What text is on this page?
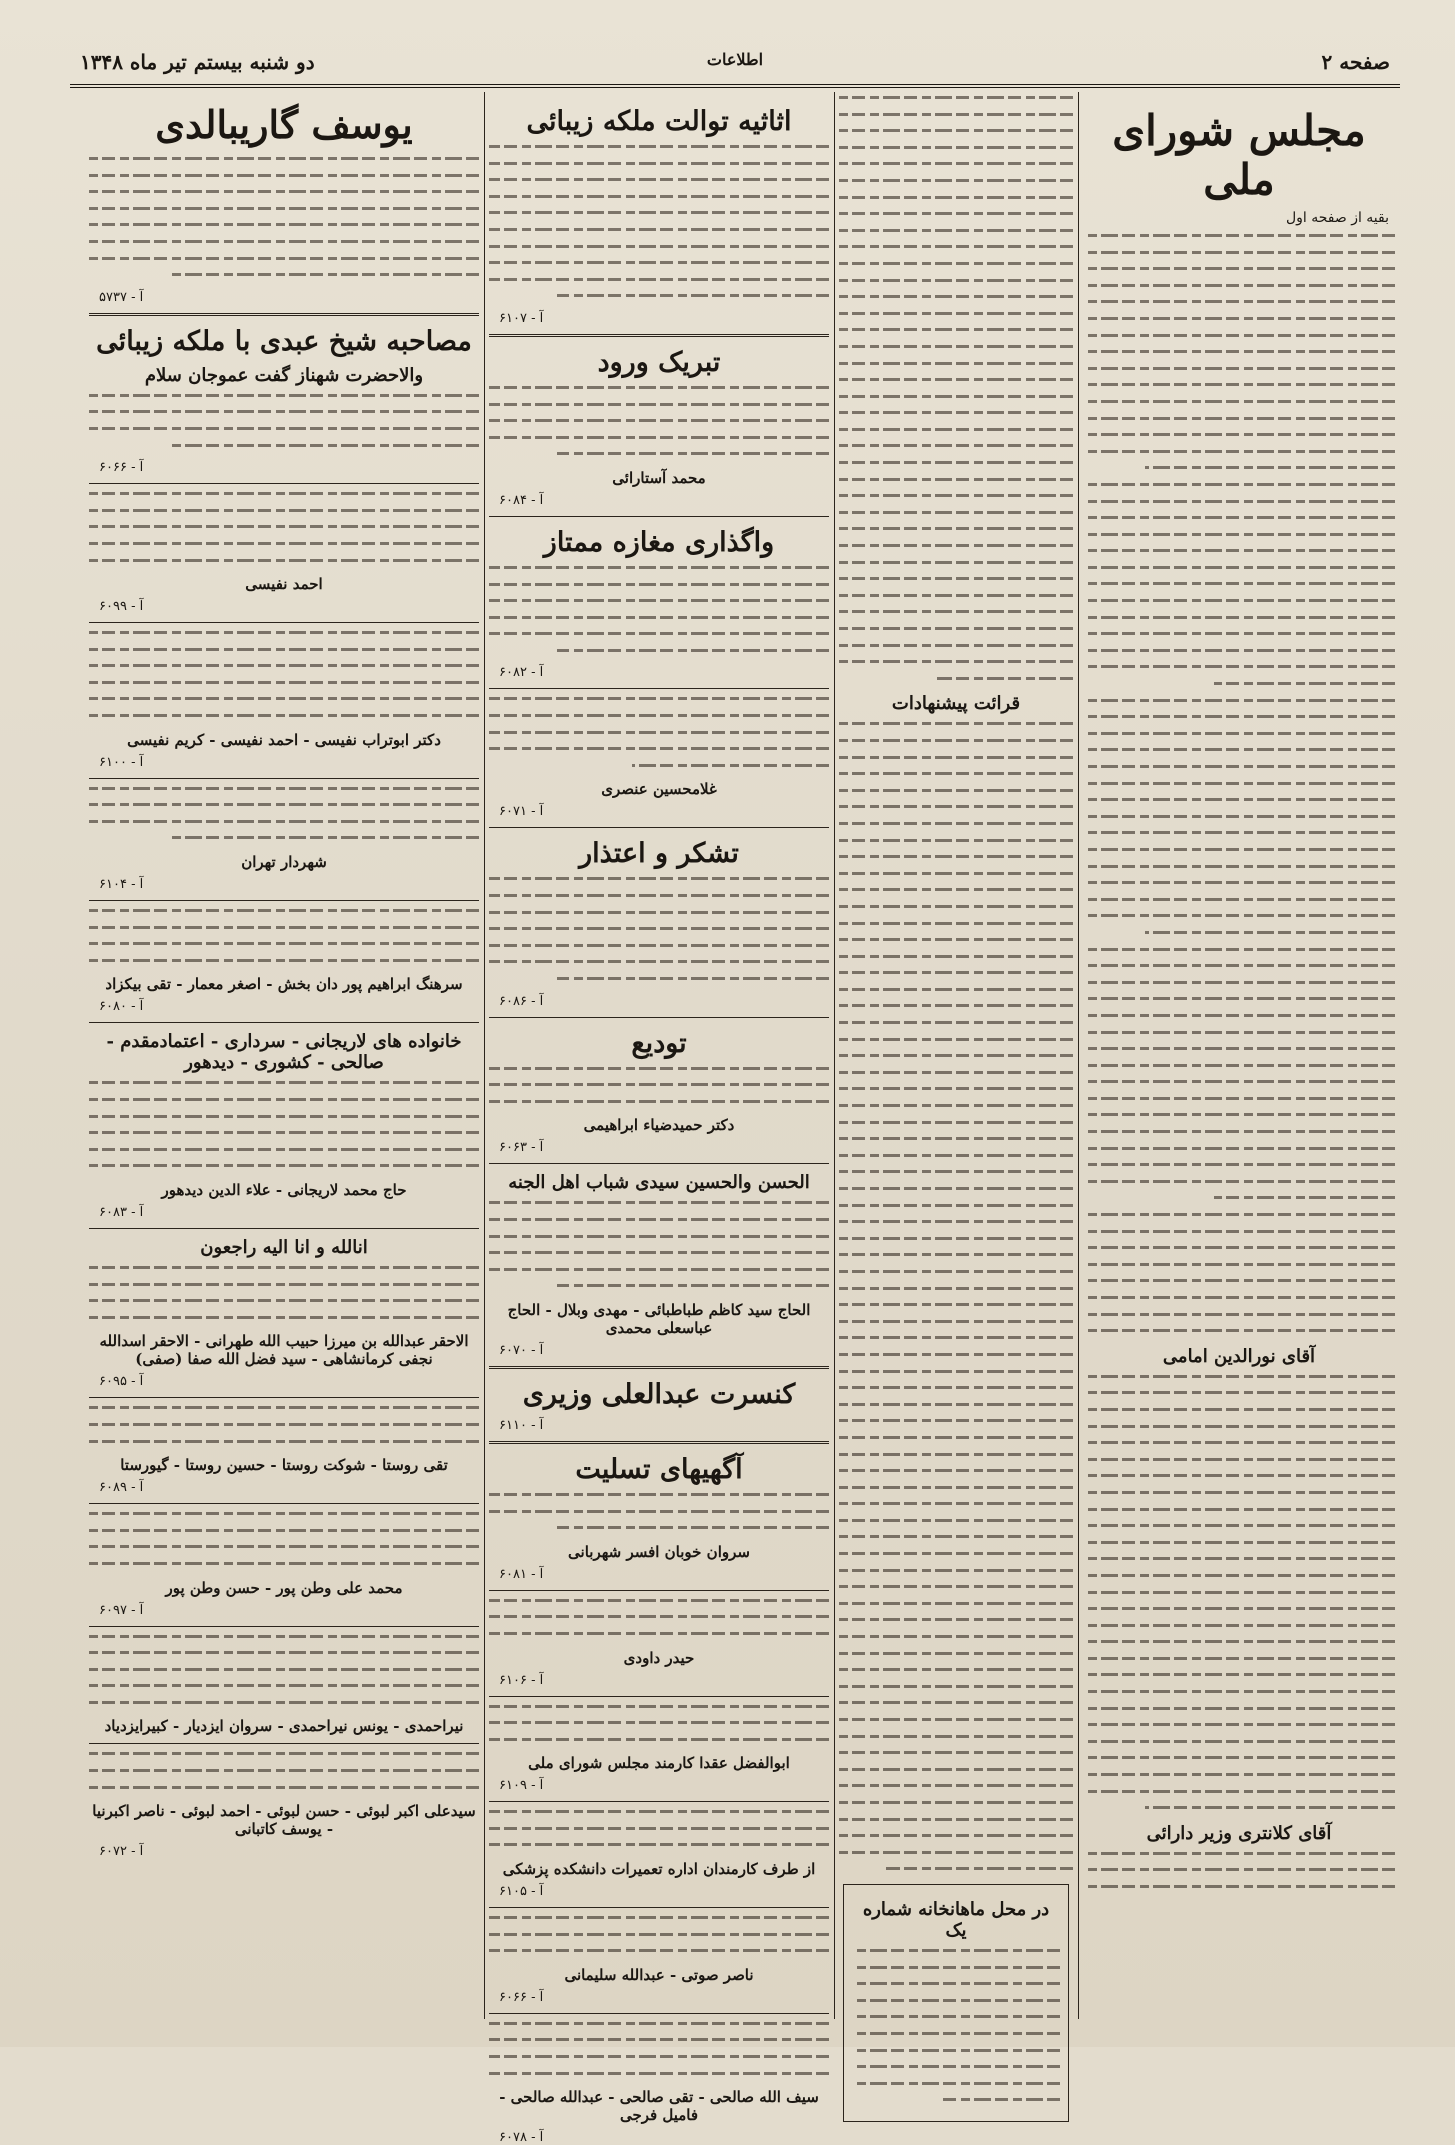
صفحه ۲
اطلاعات
دو شنبه بیستم تیر ماه ۱۳۴۸
مجلس شورای ملی
بقیه از صفحه اول
آقای نورالدین امامی
آقای کلانتری وزیر دارائی
قرائت پیشنهادات
در محل ماهانخانه شماره یک
اثاثیه توالت ملکه زیبائی
آ - ۶۱۰۷
تبریک ورود
محمد آستارائی
آ - ۶۰۸۴
واگذاری مغازه ممتاز
آ - ۶۰۸۲
غلامحسین عنصری
آ - ۶۰۷۱
تشکر و اعتذار
آ - ۶۰۸۶
تودیع
دکتر حمیدضیاء ابراهیمی
آ - ۶۰۶۳
الحسن والحسین سیدی شباب اهل الجنه
الحاج سید کاظم طباطبائی - مهدی وبلال - الحاج عباسعلی محمدی
آ - ۶۰۷۰
کنسرت عبدالعلی وزیری
آ - ۶۱۱۰
آگهیهای تسلیت
سروان خوبان افسر شهربانی
آ - ۶۰۸۱
حیدر داودی
آ - ۶۱۰۶
ابوالفضل عقدا کارمند مجلس شورای ملی
آ - ۶۱۰۹
از طرف کارمندان اداره تعمیرات دانشکده پزشکی
آ - ۶۱۰۵
ناصر صوتی - عبدالله سلیمانی
آ - ۶۰۶۶
سیف الله صالحی - تقی صالحی - عبدالله صالحی - فامیل فرجی
آ - ۶۰۷۸
یوسف گاریبالدی
آ - ۵۷۳۷
مصاحبه شیخ عبدی با ملکه زیبائی
والاحضرت شهناز گفت عموجان سلام
آ - ۶۰۶۶
احمد نفیسی
آ - ۶۰۹۹
دکتر ابوتراب نفیسی - احمد نفیسی - کریم نفیسی
آ - ۶۱۰۰
شهردار تهران
آ - ۶۱۰۴
سرهنگ ابراهیم پور دان بخش - اصغر معمار - تقی بیکزاد
آ - ۶۰۸۰
خانواده های لاریجانی - سرداری - اعتمادمقدم - صالحی - کشوری - دیدهور
حاج محمد لاریجانی - علاء الدین دیدهور
آ - ۶۰۸۳
انالله و انا الیه راجعون
الاحقر عبدالله بن میرزا حبیب الله طهرانی - الاحقر اسدالله نجفی کرمانشاهی - سید فضل الله صفا (صفی)
آ - ۶۰۹۵
تقی روستا - شوکت روستا - حسین روستا - گیورستا
آ - ۶۰۸۹
محمد علی وطن پور - حسن وطن پور
آ - ۶۰۹۷
نیراحمدی - یونس نیراحمدی - سروان ایزدیار - کبیرایزدیاد
سیدعلی اکبر لبوئی - حسن لبوئی - احمد لبوئی - ناصر اکبرنیا - یوسف کاتبانی
آ - ۶۰۷۲
